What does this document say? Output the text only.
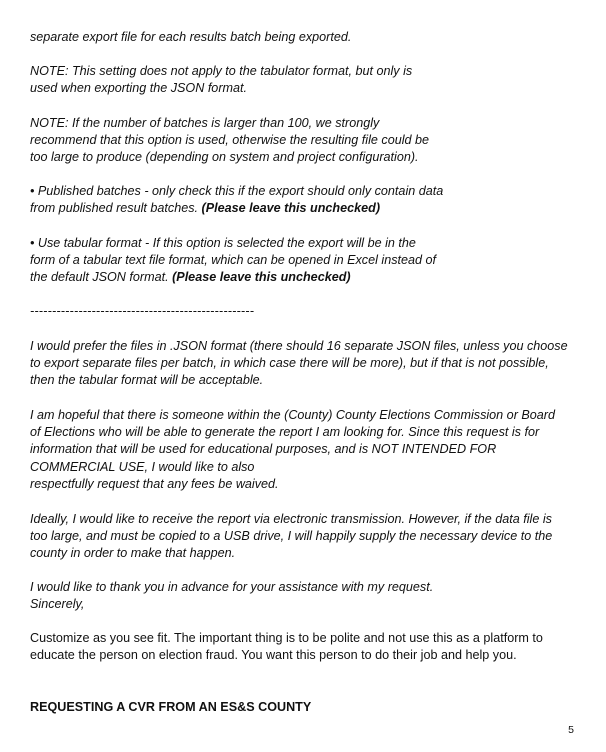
separate export file for each results batch being exported.

NOTE: This setting does not apply to the tabulator format, but only is
used when exporting the JSON format.

NOTE: If the number of batches is larger than 100, we strongly
recommend that this option is used, otherwise the resulting file could be
too large to produce (depending on system and project configuration).

• Published batches - only check this if the export should only contain data
from published result batches. (Please leave this unchecked)

• Use tabular format - If this option is selected the export will be in the
form of a tabular text file format, which can be opened in Excel instead of
the default JSON format. (Please leave this unchecked)

---------------------------------------------------

I would prefer the files in .JSON format (there should 16 separate JSON files, unless you choose
to export separate files per batch, in which case there will be more), but if that is not possible,
then the tabular format will be acceptable.

I am hopeful that there is someone within the (County) County Elections Commission or Board
of Elections who will be able to generate the report I am looking for. Since this request is for
information that will be used for educational purposes, and is NOT INTENDED FOR
COMMERCIAL USE, I would like to also
respectfully request that any fees be waived.

Ideally, I would like to receive the report via electronic transmission. However, if the data file is
too large, and must be copied to a USB drive, I will happily supply the necessary device to the
county in order to make that happen.

I would like to thank you in advance for your assistance with my request.
Sincerely,

Customize as you see fit. The important thing is to be polite and not use this as a platform to
educate the person on election fraud. You want this person to do their job and help you.

REQUESTING A CVR FROM AN ES&S COUNTY

5
